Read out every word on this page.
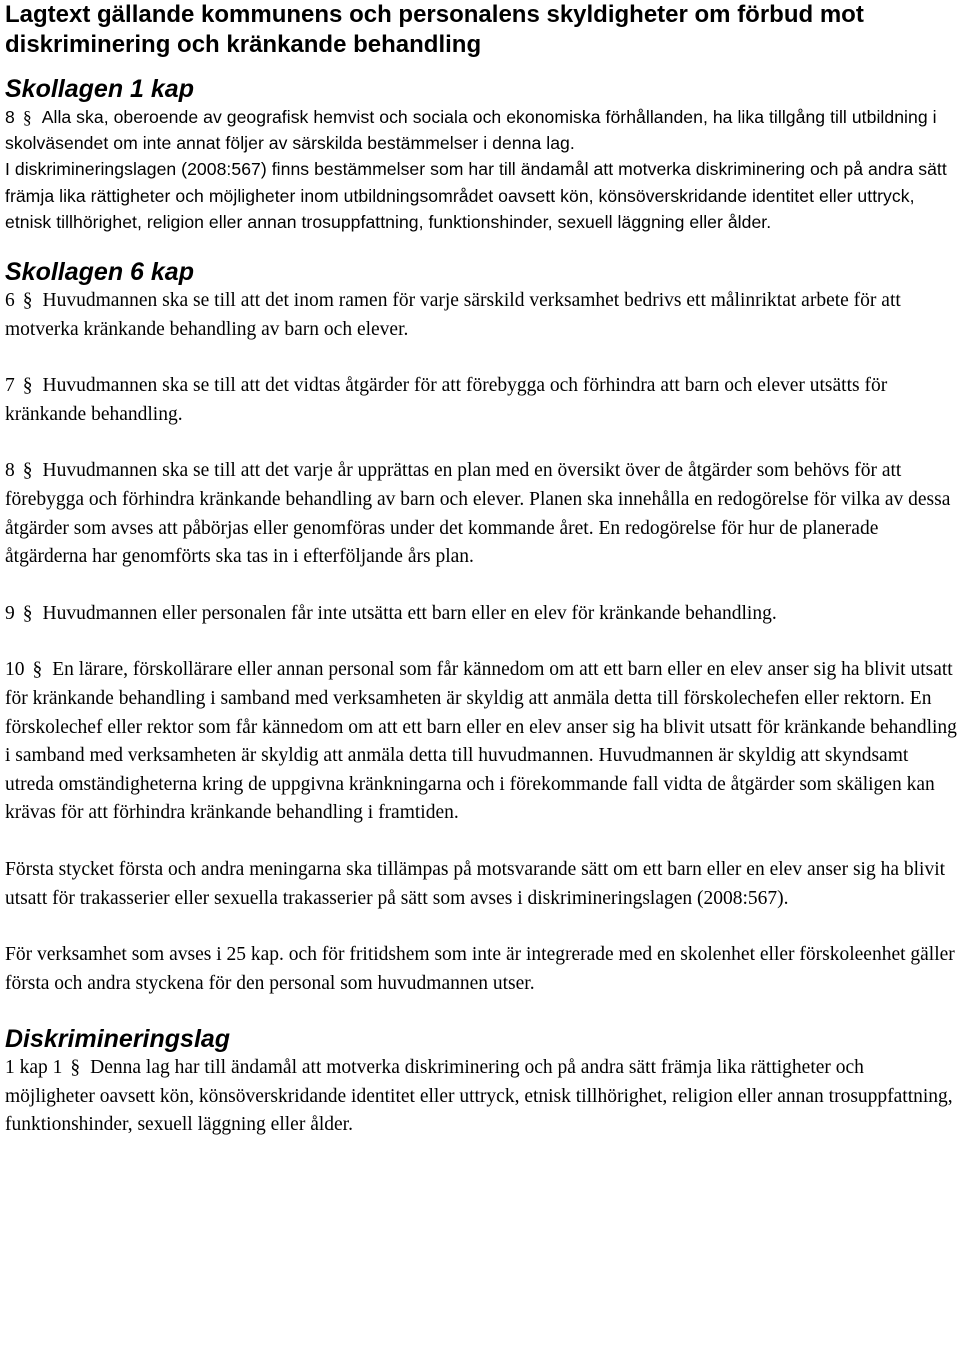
Lagtext gällande kommunens och personalens skyldigheter om förbud mot diskriminering och kränkande behandling
Skollagen 1 kap

8 § Alla ska, oberoende av geografisk hemvist och sociala och ekonomiska förhållanden, ha lika tillgång till utbildning i skolväsendet om inte annat följer av särskilda bestämmelser i denna lag.

I diskrimineringslagen (2008:567) finns bestämmelser som har till ändamål att motverka diskriminering och på andra sätt främja lika rättigheter och möjligheter inom utbildningsområdet oavsett kön, könsöverskridande identitet eller uttryck, etnisk tillhörighet, religion eller annan trosuppfattning, funktionshinder, sexuell läggning eller ålder.

Skollagen 6 kap

6 § Huvudmannen ska se till att det inom ramen för varje särskild verksamhet bedrivs ett målinriktat arbete för att motverka kränkande behandling av barn och elever.

7 § Huvudmannen ska se till att det vidtas åtgärder för att förebygga och förhindra att barn och elever utsätts för kränkande behandling.

8 § Huvudmannen ska se till att det varje år upprättas en plan med en översikt över de åtgärder som behövs för att förebygga och förhindra kränkande behandling av barn och elever. Planen ska innehålla en redogörelse för vilka av dessa åtgärder som avses att påbörjas eller genomföras under det kommande året. En redogörelse för hur de planerade åtgärderna har genomförts ska tas in i efterföljande års plan.

9 § Huvudmannen eller personalen får inte utsätta ett barn eller en elev för kränkande behandling.

10 § En lärare, förskollärare eller annan personal som får kännedom om att ett barn eller en elev anser sig ha blivit utsatt för kränkande behandling i samband med verksamheten är skyldig att anmäla detta till förskolechefen eller rektorn. En förskolechef eller rektor som får kännedom om att ett barn eller en elev anser sig ha blivit utsatt för kränkande behandling i samband med verksamheten är skyldig att anmäla detta till huvudmannen. Huvudmannen är skyldig att skyndsamt utreda omständigheterna kring de uppgivna kränkningarna och i förekommande fall vidta de åtgärder som skäligen kan krävas för att förhindra kränkande behandling i framtiden.

Första stycket första och andra meningarna ska tillämpas på motsvarande sätt om ett barn eller en elev anser sig ha blivit utsatt för trakasserier eller sexuella trakasserier på sätt som avses i diskrimineringslagen (2008:567).

För verksamhet som avses i 25 kap. och för fritidshem som inte är integrerade med en skolenhet eller förskoleenhet gäller första och andra styckena för den personal som huvudmannen utser.

Diskrimineringslag

1 kap 1 § Denna lag har till ändamål att motverka diskriminering och på andra sätt främja lika rättigheter och möjligheter oavsett kön, könsöverskridande identitet eller uttryck, etnisk tillhörighet, religion eller annan trosuppfattning, funktionshinder, sexuell läggning eller ålder.
